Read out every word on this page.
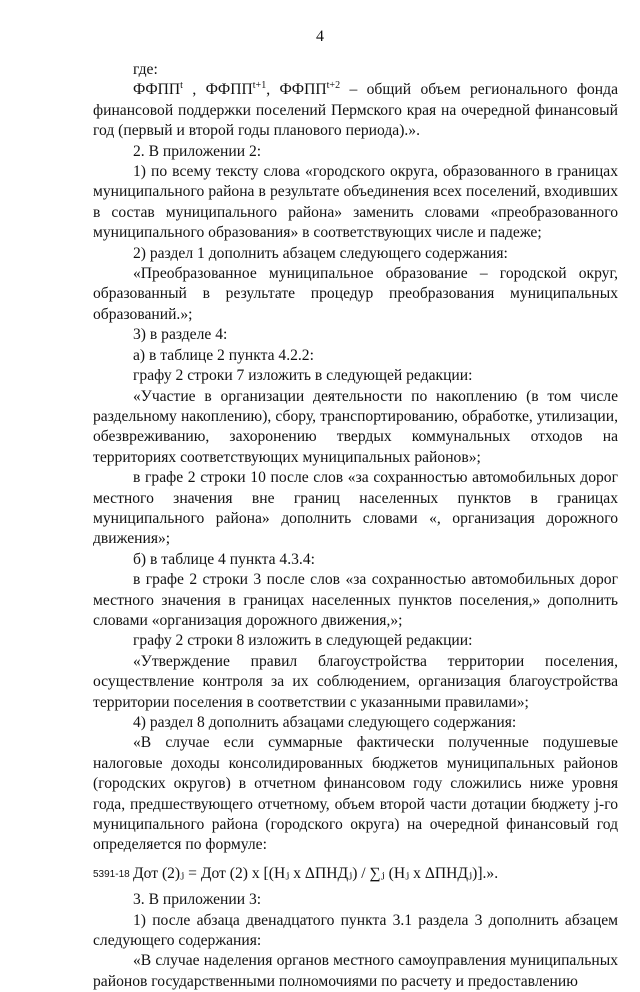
4

где:

ФФПП$^t$ , $ФФПП^{t+1}$, $ФФПП^{t+2}$ – общий объем регионального фонда финансовой поддержки поселений Пермского края на очередной финансовый год (первый и второй годы планового периода).».

2. В приложении 2:

1) по всему тексту слова «городского округа, образованного в границах муниципального района в результате объединения всех поселений, входивших в состав муниципального района» заменить словами «преобразованного муниципального образования» в соответствующих числе и падеже;

2) раздел 1 дополнить абзацем следующего содержания:

«Преобразованное муниципальное образование – городской округ, образованный в результате процедур преобразования муниципальных образований.»;

3) в разделе 4:

а) в таблице 2 пункта 4.2.2:

графу 2 строки 7 изложить в следующей редакции:

«Участие в организации деятельности по накоплению (в том числе раздельному накоплению), сбору, транспортированию, обработке, утилизации, обезвреживанию, захоронению твердых коммунальных отходов на территориях соответствующих муниципальных районов»;

в графе 2 строки 10 после слов «за сохранностью автомобильных дорог местного значения вне границ населенных пунктов в границах муниципального района» дополнить словами «, организация дорожного движения»;

б) в таблице 4 пункта 4.3.4:

в графе 2 строки 3 после слов «за сохранностью автомобильных дорог местного значения в границах населенных пунктов поселения,» дополнить словами «организация дорожного движения,»;

графу 2 строки 8 изложить в следующей редакции:

«Утверждение правил благоустройства территории поселения, осуществление контроля за их соблюдением, организация благоустройства территории поселения в соответствии с указанными правилами»;

4) раздел 8 дополнить абзацами следующего содержания:

«В случае если суммарные фактически полученные подушевые налоговые доходы консолидированных бюджетов муниципальных районов (городских округов) в отчетном финансовом году сложились ниже уровня года, предшествующего отчетному, объем второй части дотации бюджету j-го муниципального района (городского округа) на очередной финансовый год определяется по формуле:

Дот (2)ⱼ = Дот (2) х [(Нⱼ х ΔПНДⱼ) / ∑ⱼ (Нⱼ х ΔПНДⱼ)].».

3. В приложении 3:

1) после абзаца двенадцатого пункта 3.1 раздела 3 дополнить абзацем следующего содержания:

«В случае наделения органов местного самоуправления муниципальных районов государственными полномочиями по расчету и предоставлению

5391-18
